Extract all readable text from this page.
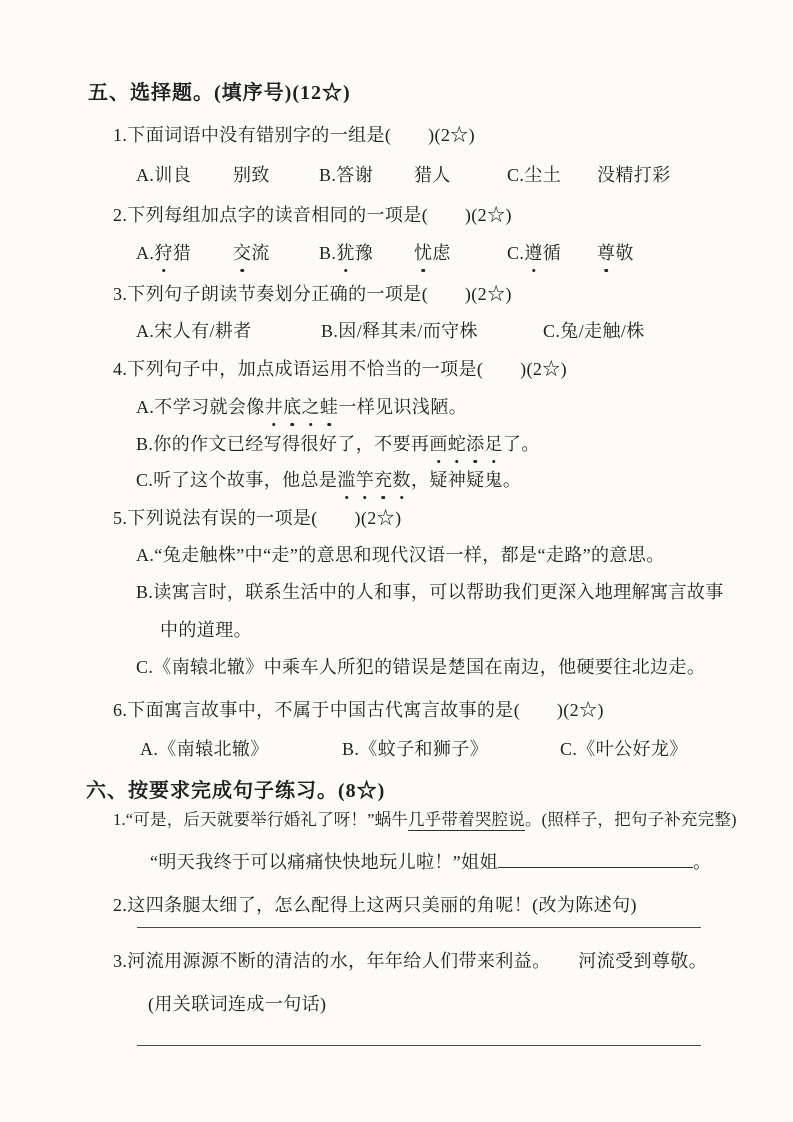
五、选择题。(填序号)(12☆)
1.下面词语中没有错别字的一组是(　　)(2☆)
A.训良	别致	B.答谢	猎人	C.尘土	没精打彩
2.下列每组加点字的读音相同的一项是(　　)(2☆)
A.狩猎	交流	B.犹豫	忧虑	C.遵循	尊敬
3.下列句子朗读节奏划分正确的一项是(　　)(2☆)
A.宋人有/耕者	B.因/释其耒/而守株	C.兔/走触/株
4.下列句子中，加点成语运用不恰当的一项是(　　)(2☆)
A.不学习就会像井底之蛙一样见识浅陋。
B.你的作文已经写得很好了，不要再画蛇添足了。
C.听了这个故事，他总是滥竽充数，疑神疑鬼。
5.下列说法有误的一项是(　　)(2☆)
A.“兔走触株”中“走”的意思和现代汉语一样，都是“走路”的意思。
B.读寓言时，联系生活中的人和事，可以帮助我们更深入地理解寓言故事
中的道理。
C.《南辕北辙》中乘车人所犯的错误是楚国在南边，他硬要往北边走。
6.下面寓言故事中，不属于中国古代寓言故事的是(　　)(2☆)
A.《南辕北辙》	B.《蚊子和狮子》	C.《叶公好龙》
六、按要求完成句子练习。(8☆)
1.“可是，后天就要举行婚礼了呀！”蜗牛几乎带着哭腔说。(照样子，把句子补充完整)
“明天我终于可以痛痛快快地玩儿啦！”姐姐	。
2.这四条腿太细了，怎么配得上这两只美丽的角呢！(改为陈述句)
3.河流用源源不断的清洁的水，年年给人们带来利益。　　河流受到尊敬。
(用关联词连成一句话)
